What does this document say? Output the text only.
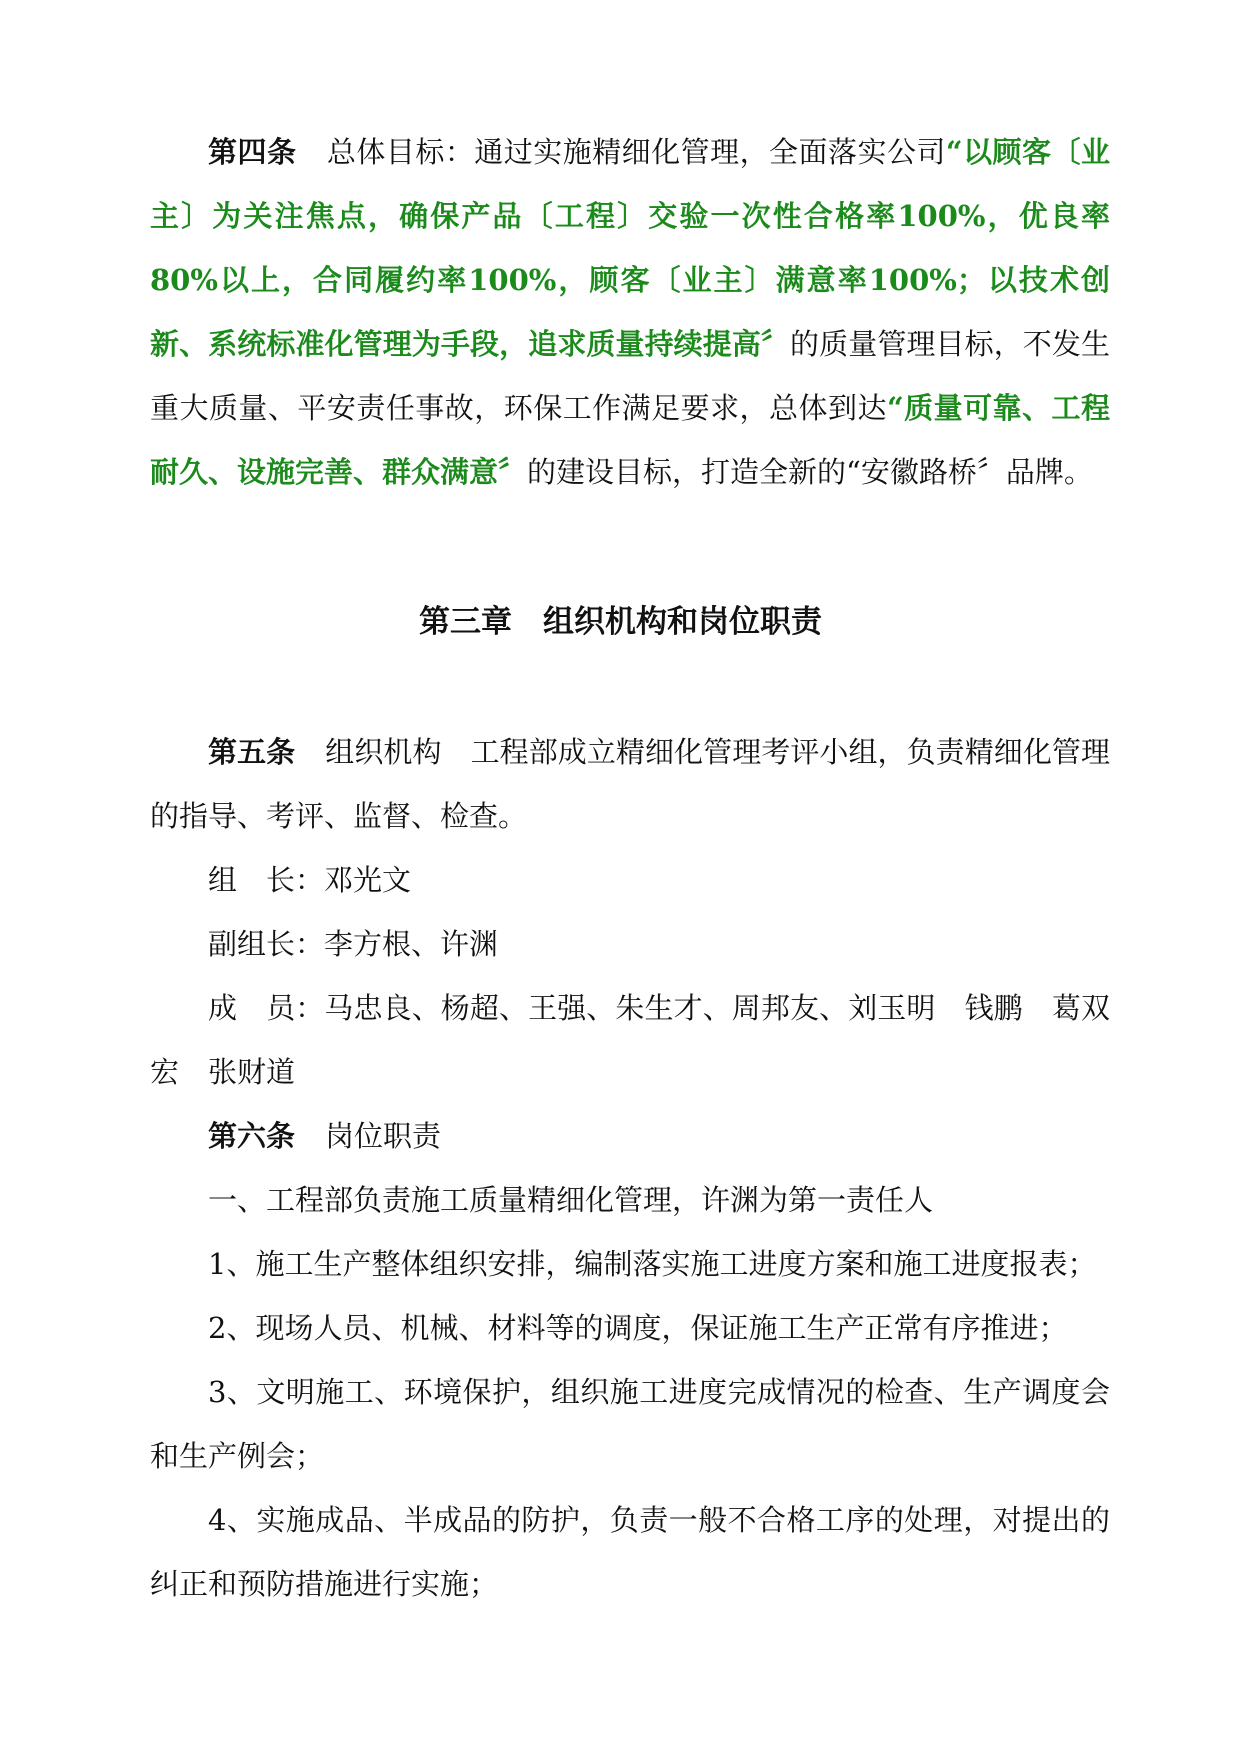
第四条 总体目标：通过实施精细化管理，全面落实公司“以顾客〔业主〕为关注焦点，确保产品〔工程〕交验一次性合格率100%，优良率80%以上，合同履约率100%，顾客〔业主〕满意率100%；以技术创新、系统标准化管理为手段，追求质量持续提高〞的质量管理目标，不发生重大质量、平安责任事故，环保工作满足要求，总体到达“质量可靠、工程耐久、设施完善、群众满意〞的建设目标，打造全新的“安徽路桥〞品牌。

第三章　组织机构和岗位职责

第五条 组织机构　工程部成立精细化管理考评小组，负责精细化管理的指导、考评、监督、检查。

组　长：邓光文

副组长：李方根、许渊

成　员：马忠良、杨超、王强、朱生才、周邦友、刘玉明　钱鹏　葛双宏　张财道

第六条 岗位职责

一、工程部负责施工质量精细化管理，许渊为第一责任人

1、施工生产整体组织安排，编制落实施工进度方案和施工进度报表；

2、现场人员、机械、材料等的调度，保证施工生产正常有序推进；

3、文明施工、环境保护，组织施工进度完成情况的检查、生产调度会和生产例会；

4、实施成品、半成品的防护，负责一般不合格工序的处理，对提出的纠正和预防措施进行实施；
